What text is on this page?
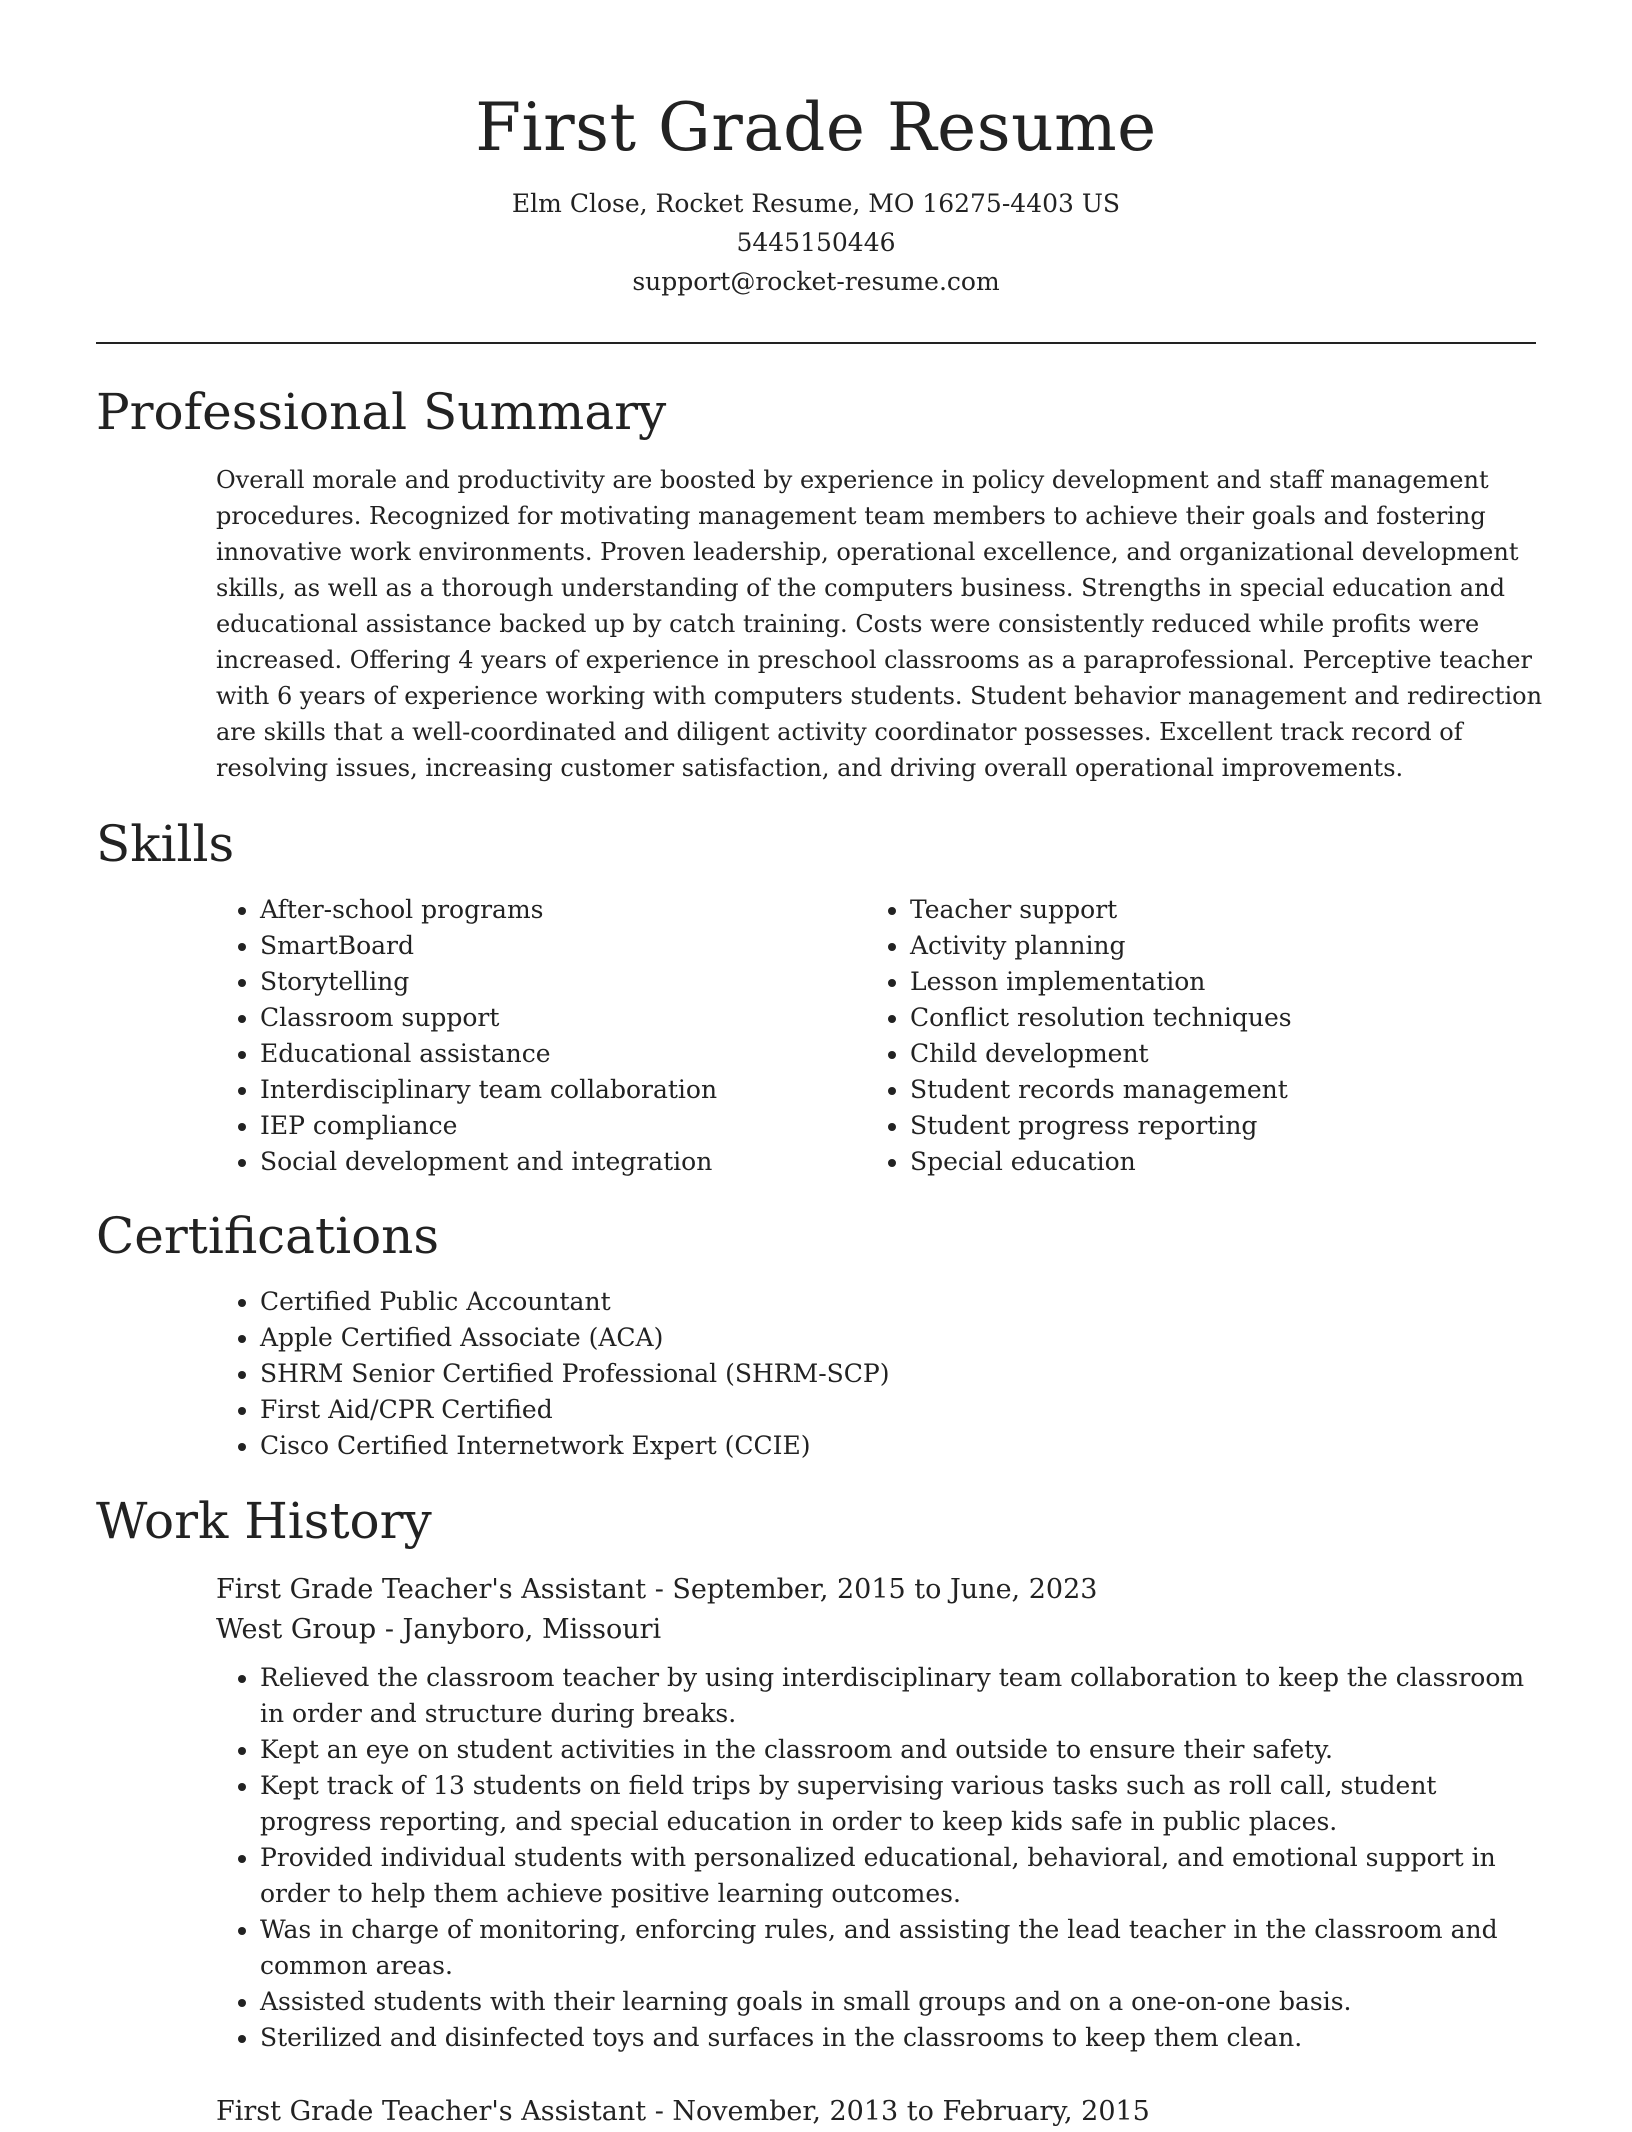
First Grade Resume
Elm Close, Rocket Resume, MO 16275-4403 US
5445150446
support@rocket-resume.com
Professional Summary

Overall morale and productivity are boosted by experience in policy development and staff management procedures. Recognized for motivating management team members to achieve their goals and fostering innovative work environments. Proven leadership, operational excellence, and organizational development skills, as well as a thorough understanding of the computers business. Strengths in special education and educational assistance backed up by catch training. Costs were consistently reduced while profits were increased. Offering 4 years of experience in preschool classrooms as a paraprofessional. Perceptive teacher with 6 years of experience working with computers students. Student behavior management and redirection are skills that a well-coordinated and diligent activity coordinator possesses. Excellent track record of resolving issues, increasing customer satisfaction, and driving overall operational improvements.

Skills
• After-school programs
• SmartBoard
• Storytelling
• Classroom support
• Educational assistance
• Interdisciplinary team collaboration
• IEP compliance
• Social development and integration
• Teacher support
• Activity planning
• Lesson implementation
• Conflict resolution techniques
• Child development
• Student records management
• Student progress reporting
• Special education
Certifications
• Certified Public Accountant
• Apple Certified Associate (ACA)
• SHRM Senior Certified Professional (SHRM-SCP)
• First Aid/CPR Certified
• Cisco Certified Internetwork Expert (CCIE)
Work History
First Grade Teacher's Assistant - September, 2015 to June, 2023
West Group - Janyboro, Missouri
• Relieved the classroom teacher by using interdisciplinary team collaboration to keep the classroom in order and structure during breaks.
• Kept an eye on student activities in the classroom and outside to ensure their safety.
• Kept track of 13 students on field trips by supervising various tasks such as roll call, student progress reporting, and special education in order to keep kids safe in public places.
• Provided individual students with personalized educational, behavioral, and emotional support in order to help them achieve positive learning outcomes.
• Was in charge of monitoring, enforcing rules, and assisting the lead teacher in the classroom and common areas.
• Assisted students with their learning goals in small groups and on a one-on-one basis.
• Sterilized and disinfected toys and surfaces in the classrooms to keep them clean.
First Grade Teacher's Assistant - November, 2013 to February, 2015
